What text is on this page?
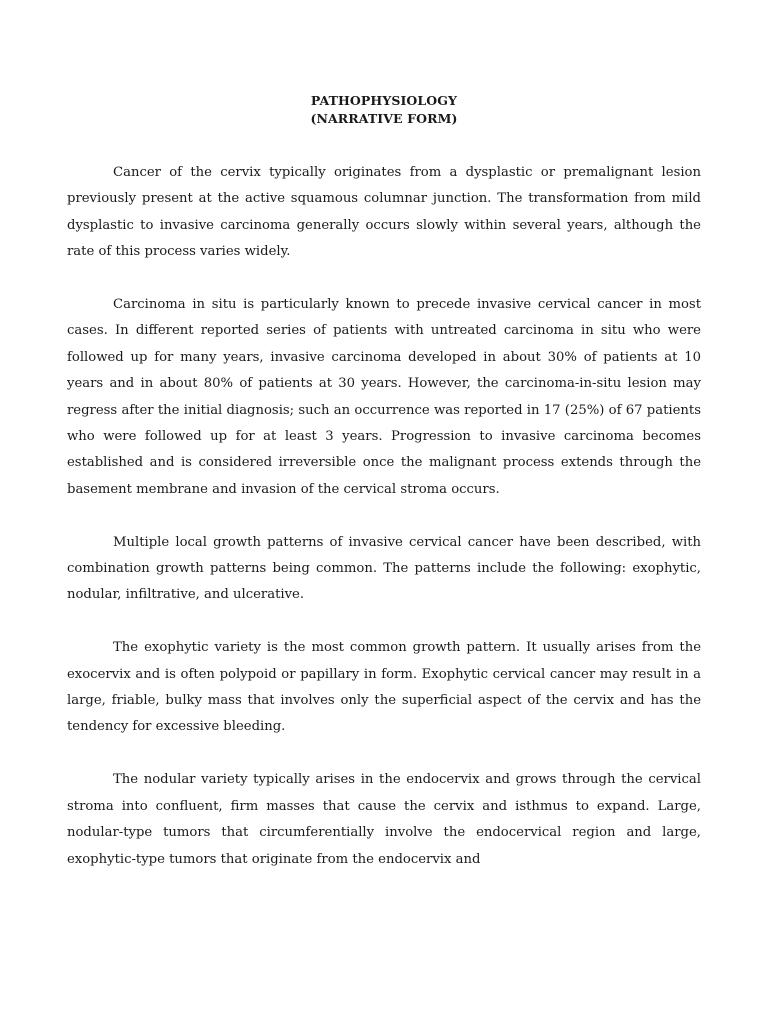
PATHOPHYSIOLOGY
(NARRATIVE FORM)

Cancer of the cervix typically originates from a dysplastic or premalignant lesion previously present at the active squamous columnar junction. The transformation from mild dysplastic to invasive carcinoma generally occurs slowly within several years, although the rate of this process varies widely.

Carcinoma in situ is particularly known to precede invasive cervical cancer in most cases. In different reported series of patients with untreated carcinoma in situ who were followed up for many years, invasive carcinoma developed in about 30% of patients at 10 years and in about 80% of patients at 30 years. However, the carcinoma-in-situ lesion may regress after the initial diagnosis; such an occurrence was reported in 17 (25%) of 67 patients who were followed up for at least 3 years. Progression to invasive carcinoma becomes established and is considered irreversible once the malignant process extends through the basement membrane and invasion of the cervical stroma occurs.

Multiple local growth patterns of invasive cervical cancer have been described, with combination growth patterns being common. The patterns include the following: exophytic, nodular, infiltrative, and ulcerative.

The exophytic variety is the most common growth pattern. It usually arises from the exocervix and is often polypoid or papillary in form. Exophytic cervical cancer may result in a large, friable, bulky mass that involves only the superficial aspect of the cervix and has the tendency for excessive bleeding.

The nodular variety typically arises in the endocervix and grows through the cervical stroma into confluent, firm masses that cause the cervix and isthmus to expand. Large, nodular-type tumors that circumferentially involve the endocervical region and large, exophytic-type tumors that originate from the endocervix and
